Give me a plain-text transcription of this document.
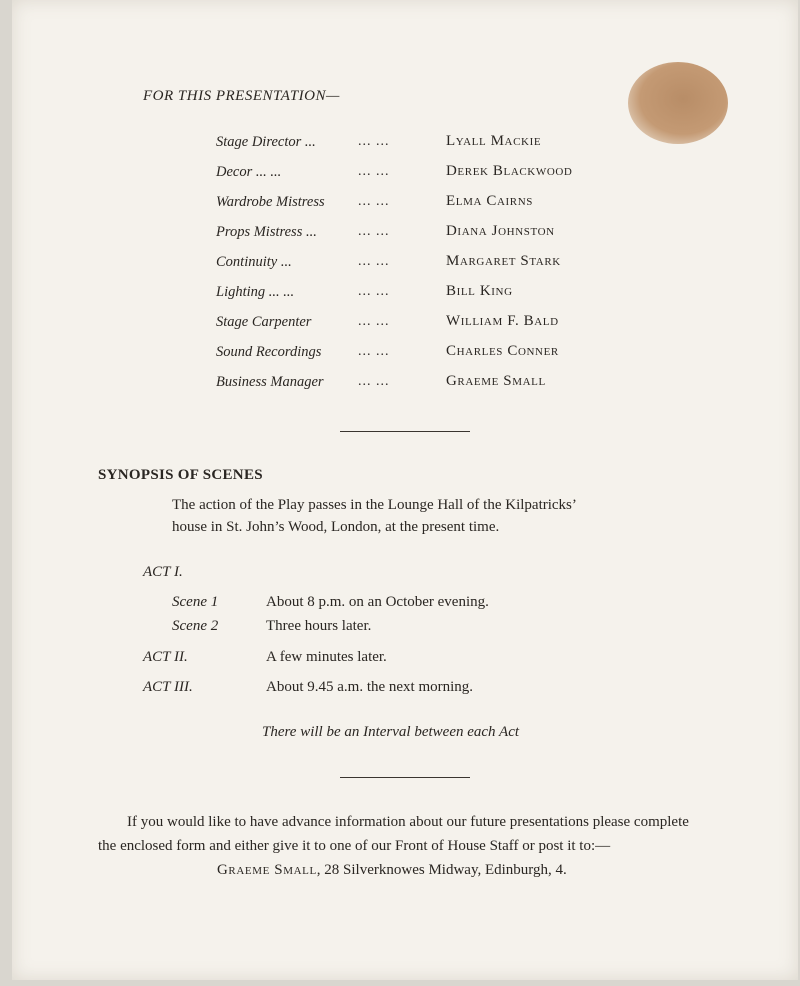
FOR THIS PRESENTATION—
Stage Director ...	... ...	Lyall Mackie
Decor ... ...	... ...	Derek Blackwood
Wardrobe Mistress ... ...	Elma Cairns
Props Mistress ...	... ...	Diana Johnston
Continuity ...	... ...	Margaret Stark
Lighting ... ...	... ...	Bill King
Stage Carpenter	... ...	William F. Bald
Sound Recordings	... ...	Charles Conner
Business Manager ... ...	Graeme Small
SYNOPSIS OF SCENES
The action of the Play passes in the Lounge Hall of the Kilpatricks’
house in St. John’s Wood, London, at the present time.
ACT I.
Scene 1	About 8 p.m. on an October evening.
Scene 2	Three hours later.
ACT II.	A few minutes later.
ACT III.	About 9.45 a.m. the next morning.
There will be an Interval between each Act
If you would like to have advance information about our future presentations please complete
the enclosed form and either give it to one of our Front of House Staff or post it to:—
Graeme Small, 28 Silverknowes Midway, Edinburgh, 4.
